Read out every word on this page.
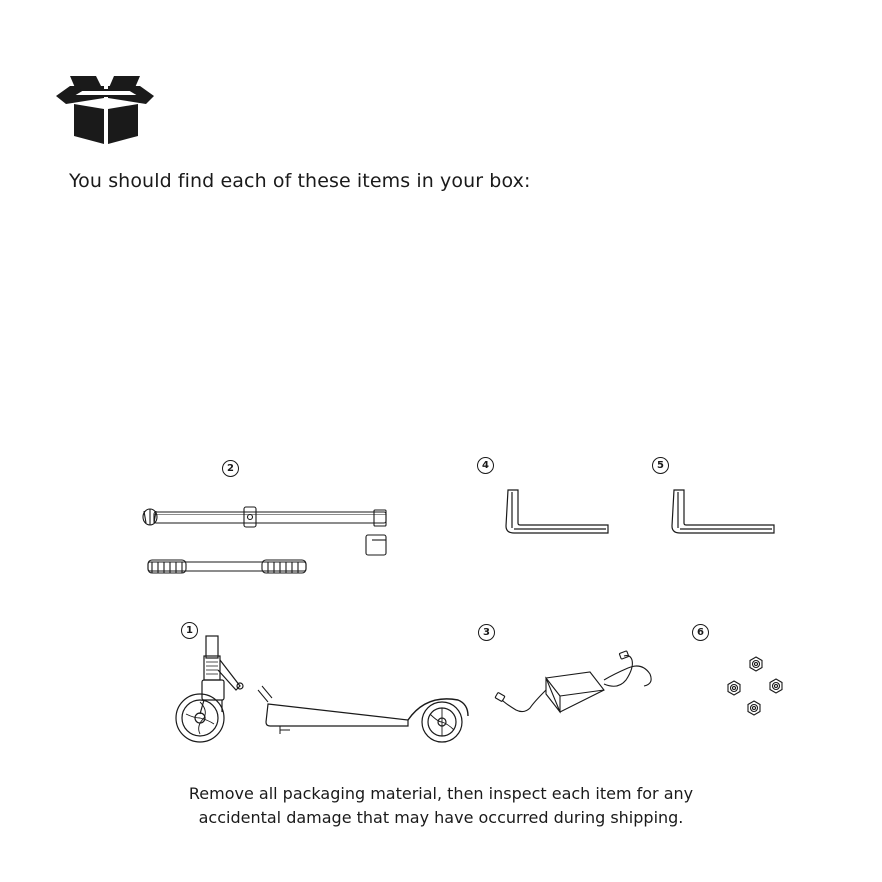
You should find each of these items in your box:
2	4	5
1	3	6
Remove all packaging material, then inspect each item for any
accidental damage that may have occurred during shipping.
